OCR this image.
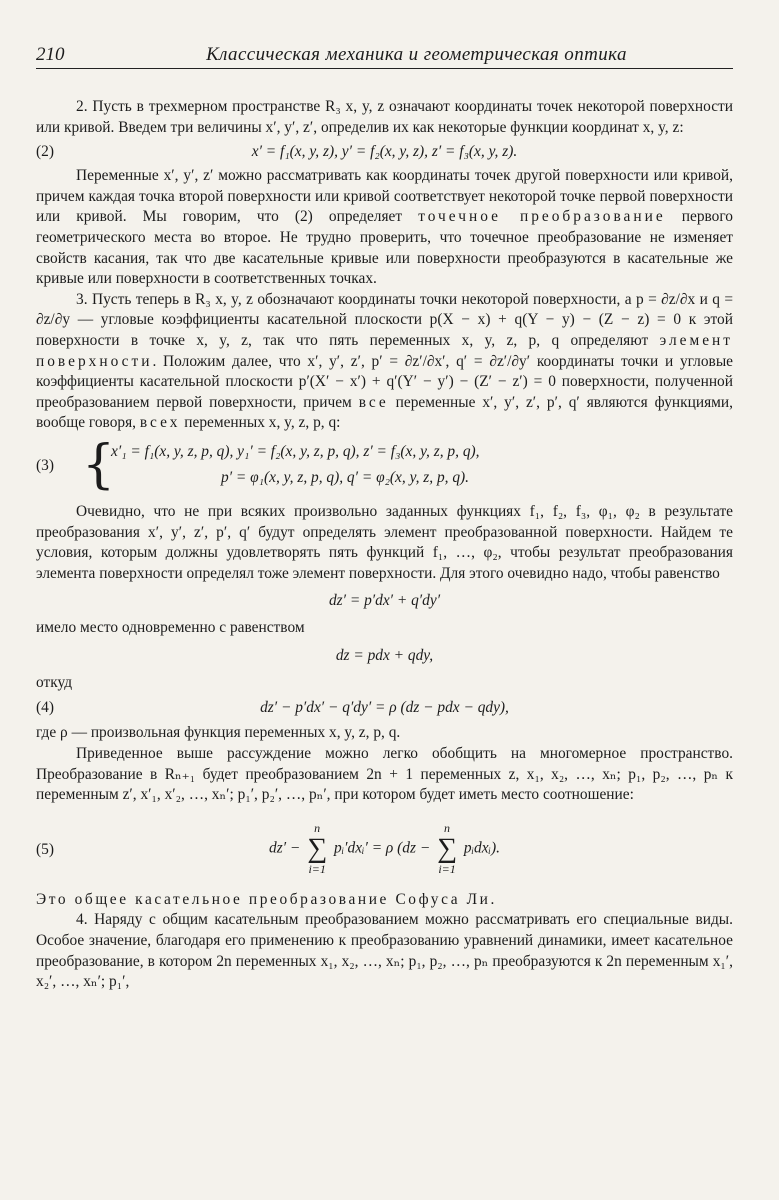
210	Классическая механика и геометрическая оптика

2. Пусть в трехмерном пространстве R₃ x, y, z означают координаты точек некоторой поверхности или кривой. Введем три величины x′, y′, z′, определив их как некоторые функции координат x, y, z:

(2)	x′ = f₁(x, y, z), y′ = f₂(x, y, z), z′ = f₃(x, y, z).

Переменные x′, y′, z′ можно рассматривать как координаты точек другой поверхности или кривой, причем каждая точка второй поверхности или кривой соответствует некоторой точке первой поверхности или кривой. Мы говорим, что (2) определяет точечное преобразование первого геометрического места во второе. Не трудно проверить, что точечное преобразование не изменяет свойств касания, так что две касательные кривые или поверхности преобразуются в касательные же кривые или поверхности в соответственных точках.

3. Пусть теперь в R₃ x, y, z обозначают координаты точки некоторой поверхности, а p = ∂z/∂x и q = ∂z/∂y — угловые коэффициенты касательной плоскости p(X − x) + q(Y − y) − (Z − z) = 0 к этой поверхности в точке x, y, z, так что пять переменных x, y, z, p, q определяют элемент поверхности. Положим далее, что x′, y′, z′, p′ = ∂z′/∂x′, q′ = ∂z′/∂y′ координаты точки и угловые коэффициенты касательной плоскости p′(X′ − x′) + q′(Y′ − y′) − (Z′ − z′) = 0 поверхности, полученной преобразованием первой поверхности, причем все переменные x′, y′, z′, p′, q′ являются функциями, вообще говоря, всех переменных x, y, z, p, q:

(3) {
x′₁ = f₁(x, y, z, p, q), y₁′ = f₂(x, y, z, p, q), z′ = f₃(x, y, z, p, q),
p′ = φ₁(x, y, z, p, q), q′ = φ₂(x, y, z, p, q).

Очевидно, что не при всяких произвольно заданных функциях f₁, f₂, f₃, φ₁, φ₂ в результате преобразования x′, y′, z′, p′, q′ будут определять элемент преобразованной поверхности. Найдем те условия, которым должны удовлетворять пять функций f₁, …, φ₂, чтобы результат преобразования элемента поверхности определял тоже элемент поверхности. Для этого очевидно надо, чтобы равенство

dz′ = p′dx′ + q′dy′

имело место одновременно с равенством

dz = pdx + qdy,

откуд

(4)	dz′ − p′dx′ − q′dy′ = ρ (dz − pdx − qdy),

где ρ — произвольная функция переменных x, y, z, p, q.

Приведенное выше рассуждение можно легко обобщить на многомерное пространство. Преобразование в Rₙ₊₁ будет преобразованием 2n + 1 переменных z, x₁, x₂, …, xₙ; p₁, p₂, …, pₙ к переменным z′, x′₁, x′₂, …, xₙ′; p₁′, p₂′, …, pₙ′, при котором будет иметь место соотношение:

(5)	dz′ − n
∑
i=1 pᵢ′dxᵢ′ = ρ (dz − n
∑
i=1 pᵢdxᵢ).

Это общее касательное преобразование Софуса Ли.

4. Наряду с общим касательным преобразованием можно рассматривать его специальные виды. Особое значение, благодаря его применению к преобразованию уравнений динамики, имеет касательное преобразование, в котором 2n переменных x₁, x₂, …, xₙ; p₁, p₂, …, pₙ преобразуются к 2n переменным x₁′, x₂′, …, xₙ′; p₁′,
